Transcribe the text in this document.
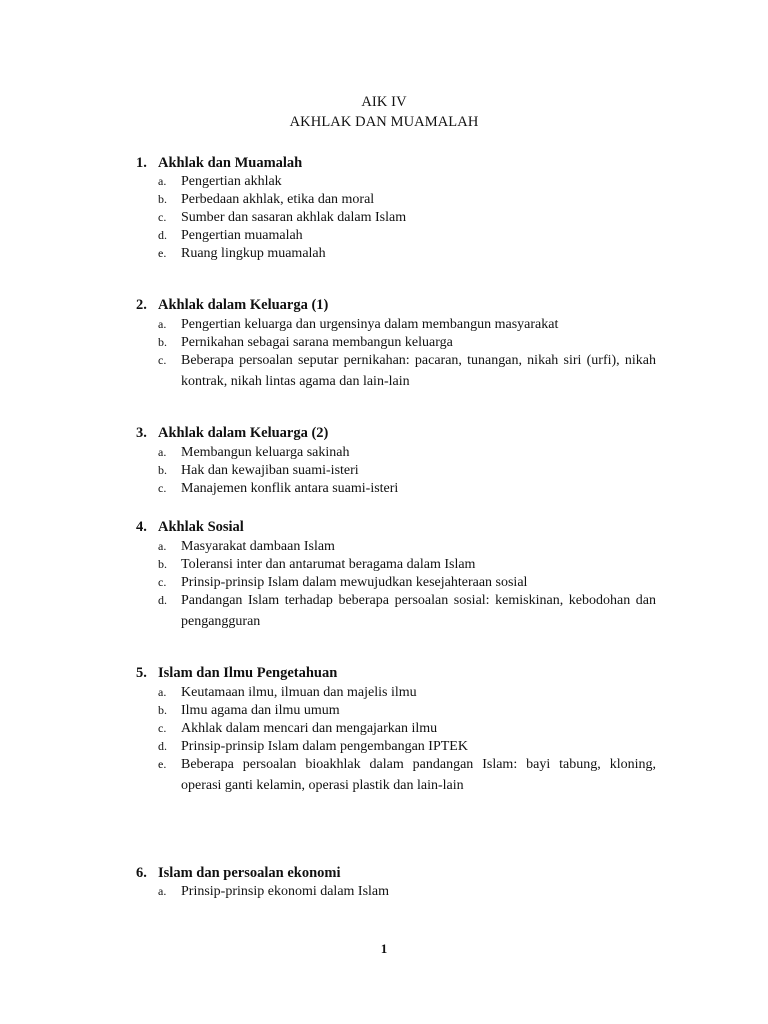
AIK IV
AKHLAK DAN MUAMALAH
1. Akhlak dan Muamalah
a. Pengertian akhlak
b. Perbedaan akhlak, etika dan moral
c. Sumber dan sasaran akhlak dalam Islam
d. Pengertian muamalah
e. Ruang lingkup muamalah
2. Akhlak dalam Keluarga (1)
a. Pengertian keluarga dan urgensinya dalam membangun masyarakat
b. Pernikahan sebagai sarana membangun keluarga
c. Beberapa persoalan seputar pernikahan: pacaran, tunangan, nikah siri (urfi), nikah kontrak, nikah lintas agama dan lain-lain
3. Akhlak dalam Keluarga (2)
a. Membangun keluarga sakinah
b. Hak dan kewajiban suami-isteri
c. Manajemen konflik antara suami-isteri
4. Akhlak Sosial
a. Masyarakat dambaan Islam
b. Toleransi inter dan antarumat beragama dalam Islam
c. Prinsip-prinsip Islam dalam mewujudkan kesejahteraan sosial
d. Pandangan Islam terhadap beberapa persoalan sosial: kemiskinan, kebodohan dan pengangguran
5. Islam dan Ilmu Pengetahuan
a. Keutamaan ilmu, ilmuan dan majelis ilmu
b. Ilmu agama dan ilmu umum
c. Akhlak dalam mencari dan mengajarkan ilmu
d. Prinsip-prinsip Islam dalam pengembangan IPTEK
e. Beberapa persoalan bioakhlak dalam pandangan Islam: bayi tabung, kloning, operasi ganti kelamin, operasi plastik dan lain-lain
6. Islam dan persoalan ekonomi
a. Prinsip-prinsip ekonomi dalam Islam
1
